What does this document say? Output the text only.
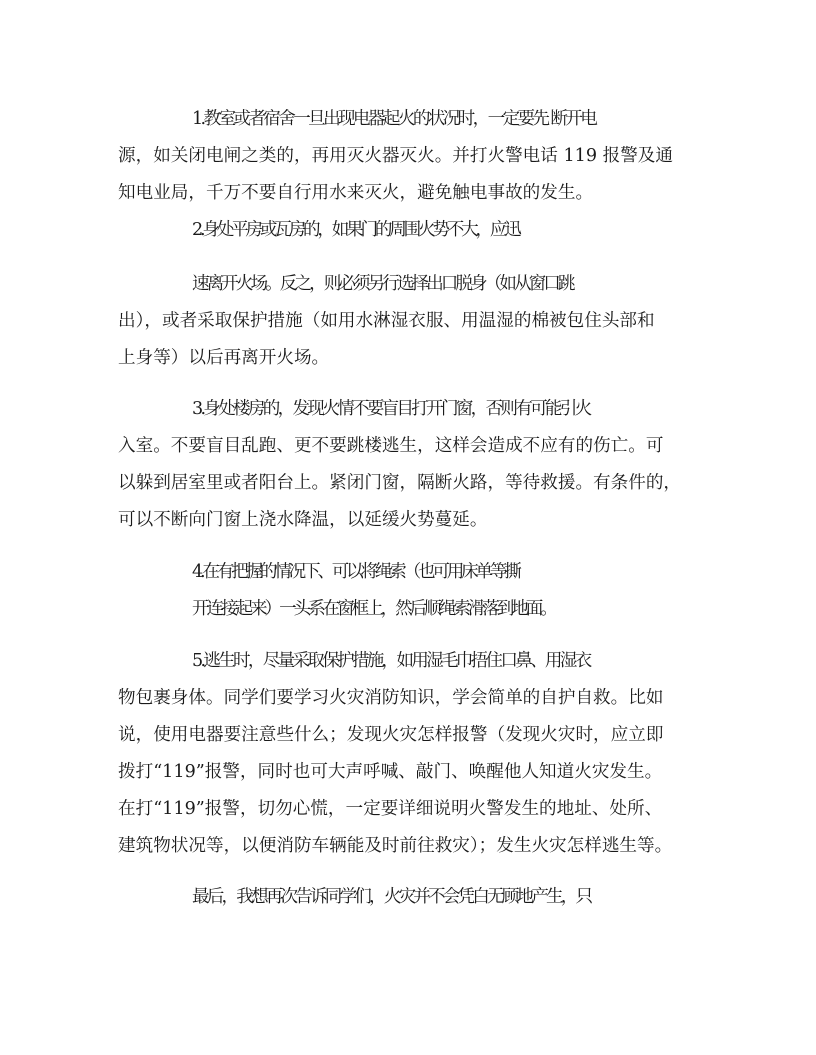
1.教室或者宿舍一旦出现电器起火的状况时，一定要先 断开电
源，如关闭电闸之类的，再用灭火器灭火。并打火警电话 119 报警及通
知电业局，千万不要自行用水来灭火，避免触电事故的发生。
2.身处平房或瓦房的，如果门的周围火势不大，应迅
速离开火场。反之，则必须另行选择出口脱身（如从窗口跳
出），或者采取保护措施（如用水淋湿衣服、用温湿的棉被包住头部和
上身等）以后再离开火场。
3.身处楼房的，发现火情不要盲目打开门窗，否则有可能引火
入室。不要盲目乱跑、更不要跳楼逃生，这样会造成不应有的伤亡。可
以躲到居室里或者阳台上。紧闭门窗，隔断火路，等待救援。有条件的，
可以不断向门窗上浇水降温，以延缓火势蔓延。
4.在有把握的情况下、可以将绳索（也可用床单等撕
开连接起来）一头系在窗框上，然后顺绳索滑落到地面。
5.逃生时，尽量采取保护措施，如用湿毛巾捂住口鼻、用湿衣
物包裹身体。同学们要学习火灾消防知识，学会简单的自护自救。比如
说，使用电器要注意些什么；发现火灾怎样报警（发现火灾时，应立即
拨打“119”报警，同时也可大声呼喊、敲门、唤醒他人知道火灾发生。
在打“119”报警，切勿心慌，一定要详细说明火警发生的地址、处所、
建筑物状况等，以便消防车辆能及时前往救灾）；发生火灾怎样逃生等。
最后，我想再次告诉同学们，火灾并不会凭白无顾地产生，只
